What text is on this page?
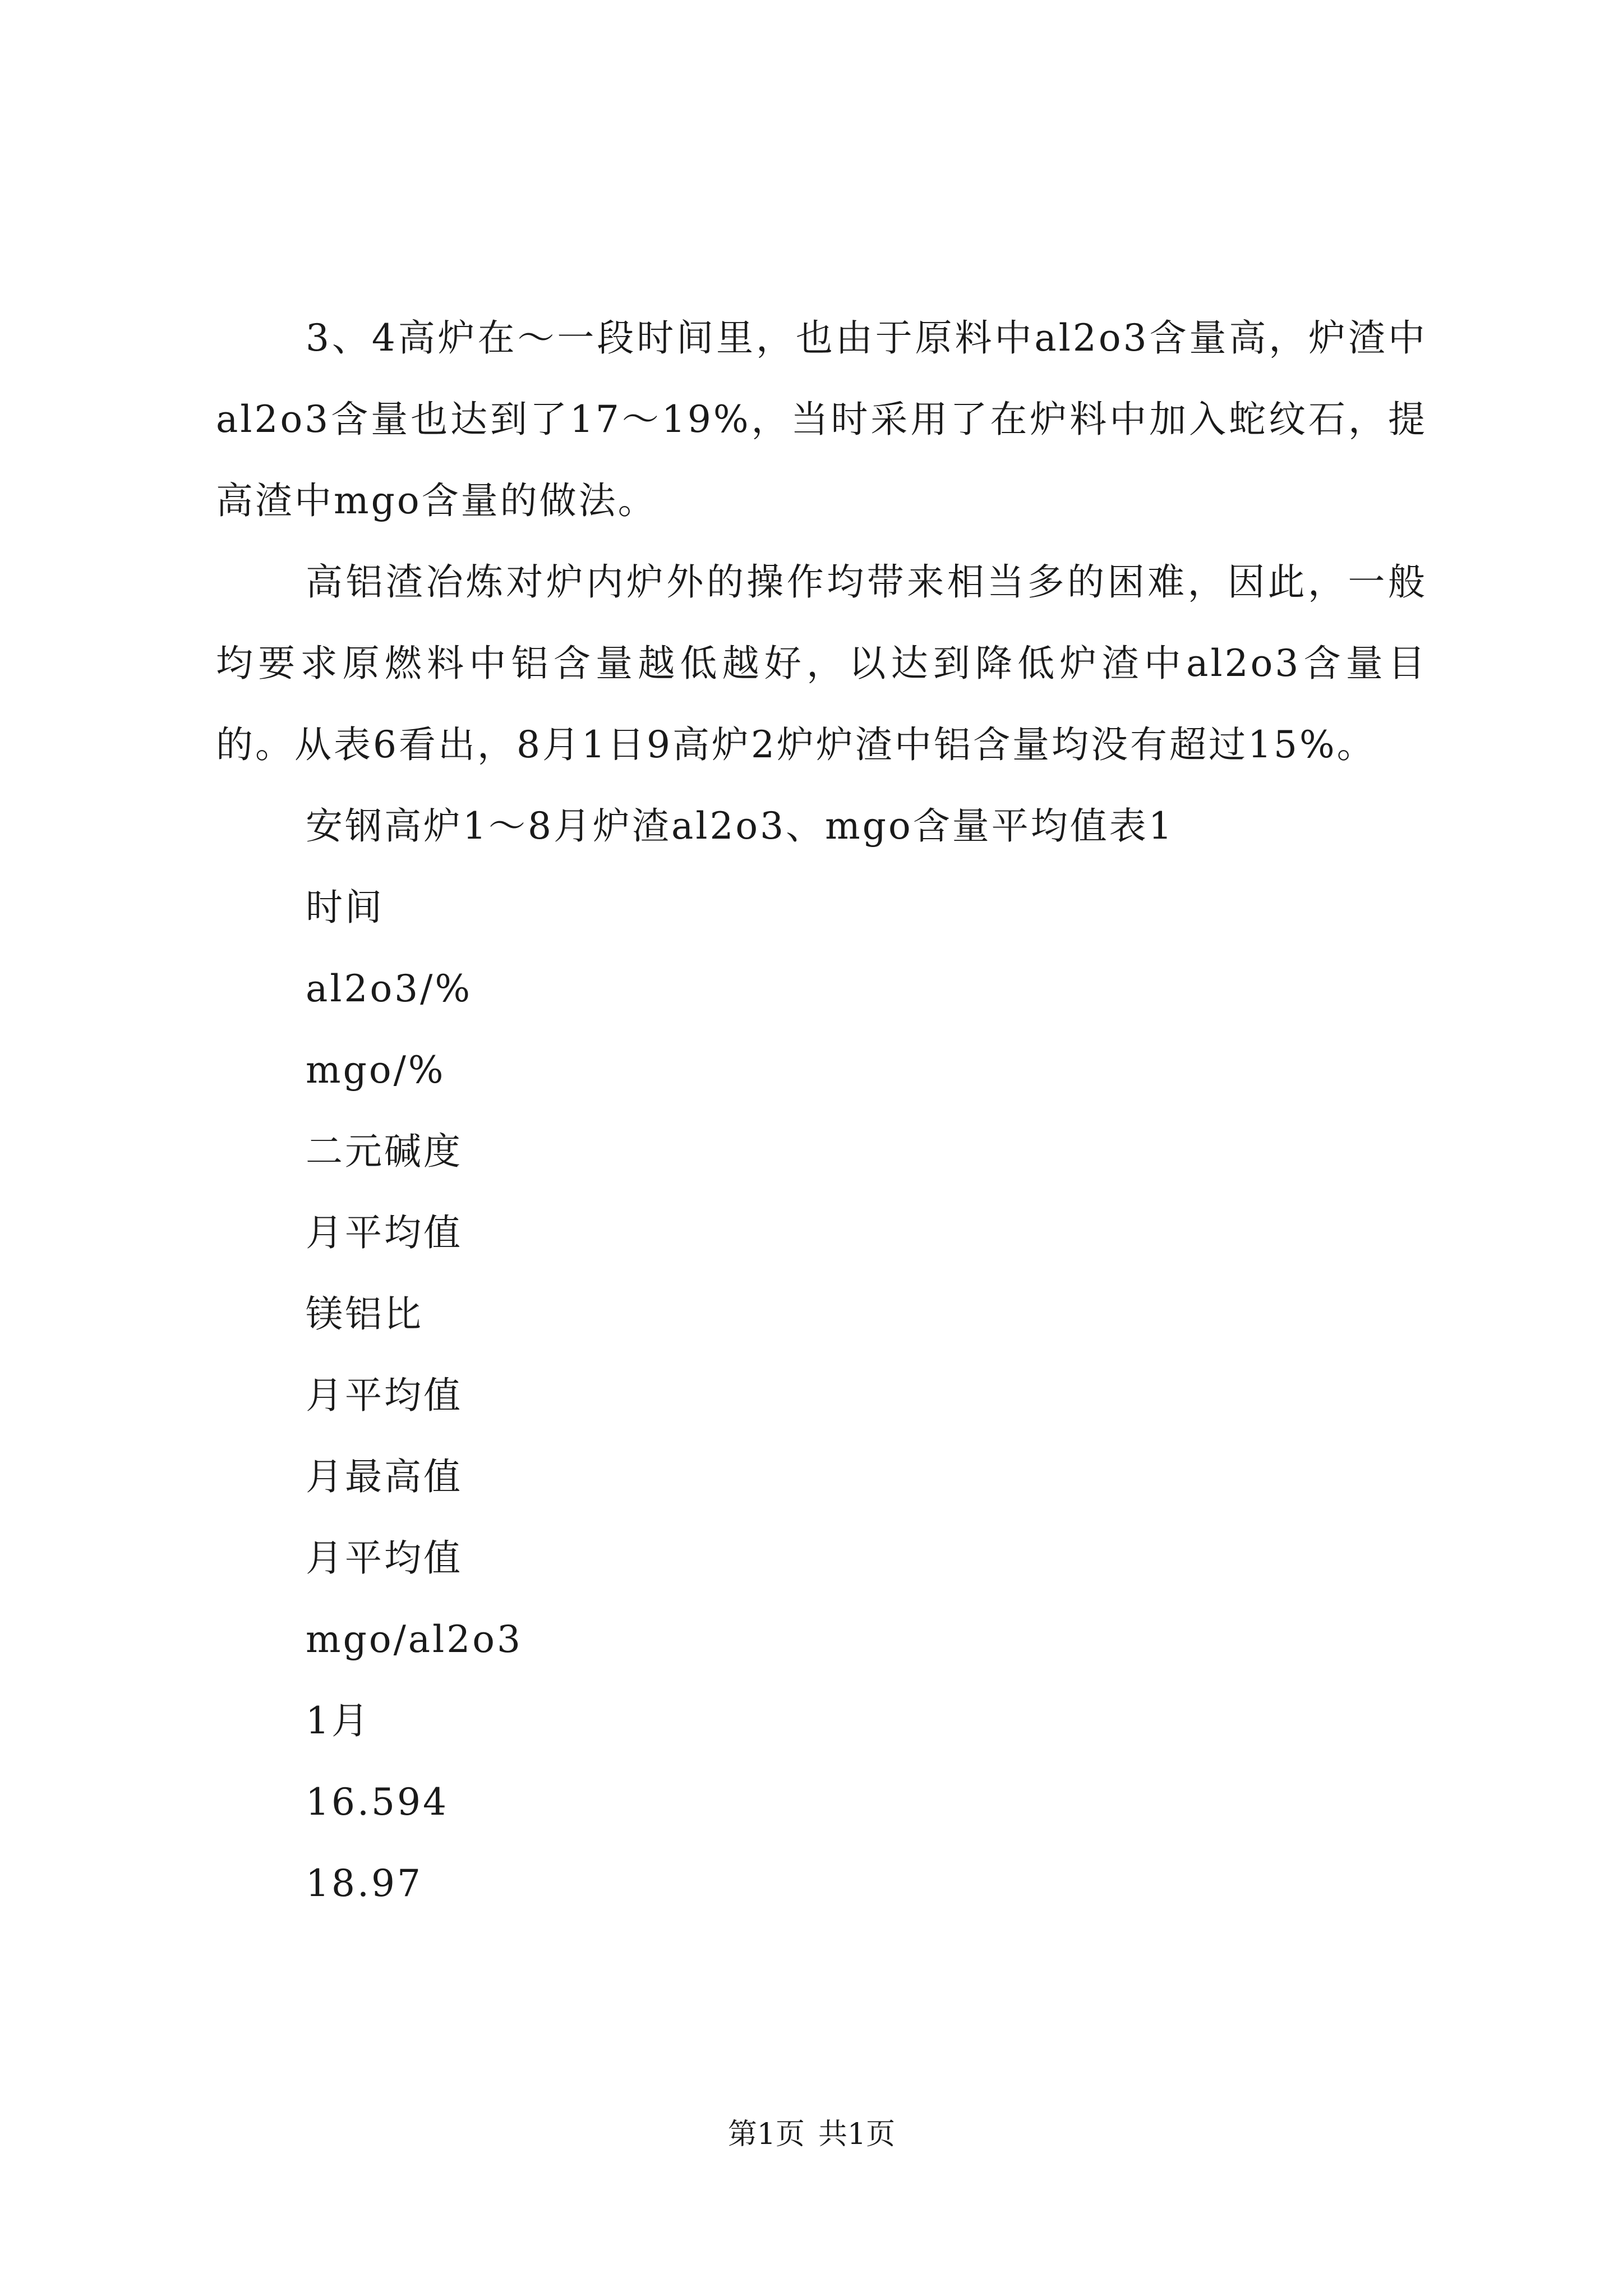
3、4高炉在～一段时间里，也由于原料中al2o3含量高，炉渣中al2o3含量也达到了17～19%，当时采用了在炉料中加入蛇纹石，提高渣中mgo含量的做法。

高铝渣冶炼对炉内炉外的操作均带来相当多的困难，因此，一般均要求原燃料中铝含量越低越好，以达到降低炉渣中al2o3含量目的。从表6看出，8月1日9高炉2炉炉渣中铝含量均没有超过15%。

安钢高炉1～8月炉渣al2o3、mgo含量平均值表1
时间
al2o3/%
mgo/%
二元碱度
月平均值
镁铝比
月平均值
月最高值
月平均值
mgo/al2o3
1月
16.594
18.97
第1页 共1页
